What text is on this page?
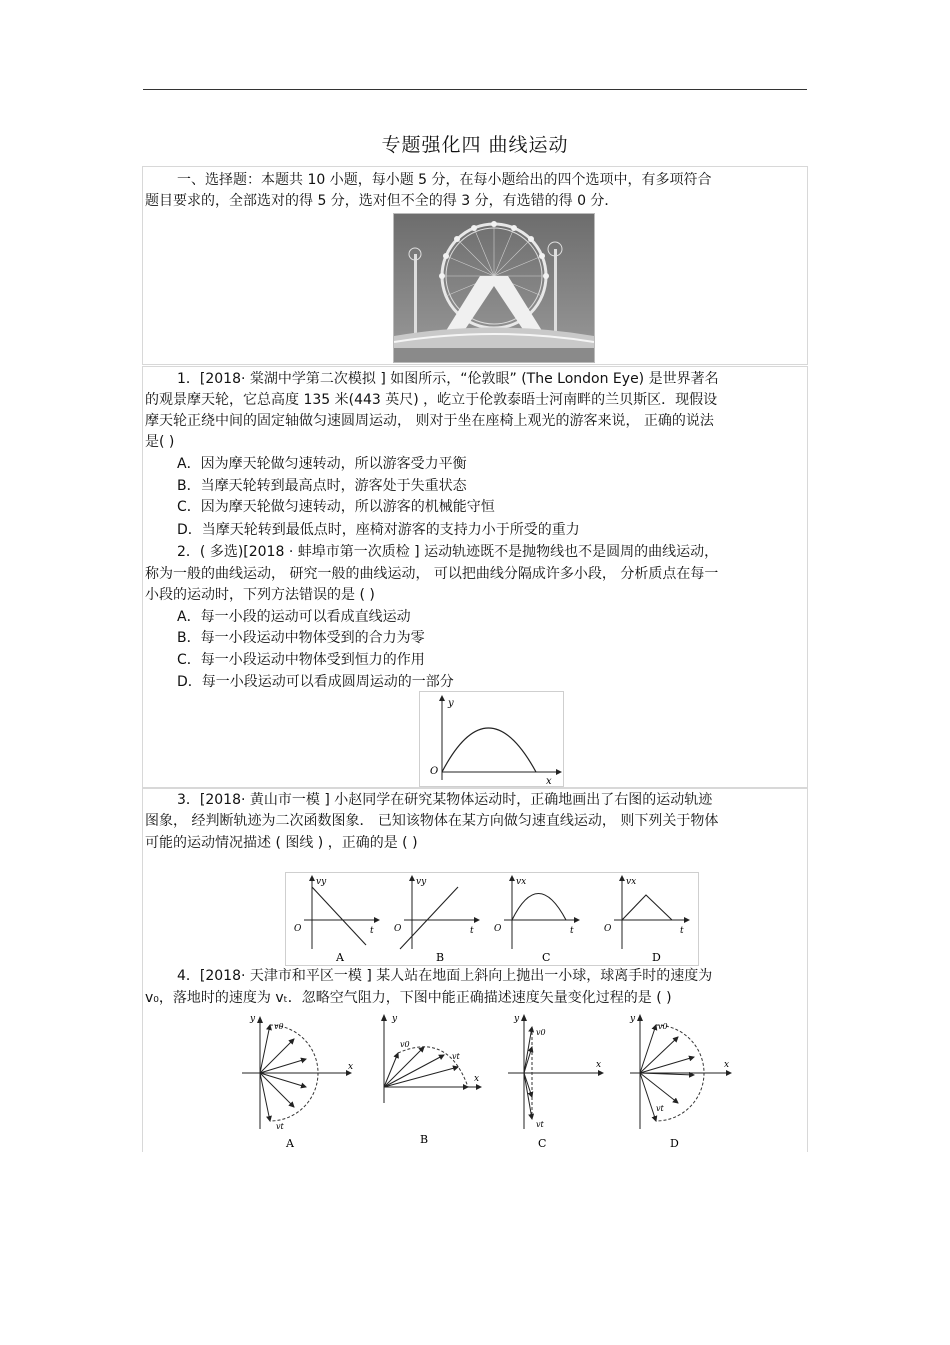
专题强化四 曲线运动
一、选择题：本题共 10 小题，每小题 5 分，在每小题给出的四个选项中，有多项符合
题目要求的，全部选对的得 5 分，选对但不全的得 3 分，有选错的得 0 分．
1．[2018· 棠湖中学第二次模拟 ] 如图所示，“伦敦眼” (The London Eye) 是世界著名
的观景摩天轮，它总高度 135 米(443 英尺) ，屹立于伦敦泰晤士河南畔的兰贝斯区．现假设
摩天轮正绕中间的固定轴做匀速圆周运动， 则对于坐在座椅上观光的游客来说， 正确的说法
是( )
A．因为摩天轮做匀速转动，所以游客受力平衡
B．当摩天轮转到最高点时，游客处于失重状态
C．因为摩天轮做匀速转动，所以游客的机械能守恒
D．当摩天轮转到最低点时，座椅对游客的支持力小于所受的重力
2．( 多选)[2018 · 蚌埠市第一次质检 ] 运动轨迹既不是抛物线也不是圆周的曲线运动，
称为一般的曲线运动， 研究一般的曲线运动， 可以把曲线分隔成许多小段， 分析质点在每一
小段的运动时，下列方法错误的是 ( )
A．每一小段的运动可以看成直线运动
B．每一小段运动中物体受到的合力为零
C．每一小段运动中物体受到恒力的作用
D．每一小段运动可以看成圆周运动的一部分
y
x
O
3．[2018· 黄山市一模 ] 小赵同学在研究某物体运动时，正确地画出了右图的运动轨迹
图象， 经判断轨迹为二次函数图象． 已知该物体在某方向做匀速直线运动， 则下列关于物体
可能的运动情况描述 ( 图线 ) ，正确的是 ( )
vy
t
O
A
vy
t
O
B
vx
t
O
C
vx
t
O
D
4．[2018· 天津市和平区一模 ] 某人站在地面上斜向上抛出一小球，球离手时的速度为
v₀，落地时的速度为 vₜ．忽略空气阻力，下图中能正确描述速度矢量变化过程的是 ( )
y
x
v0
vt
A
y
x
v0
vt
B
y
x
v0
vt
C
y
x
v0
vt
D
